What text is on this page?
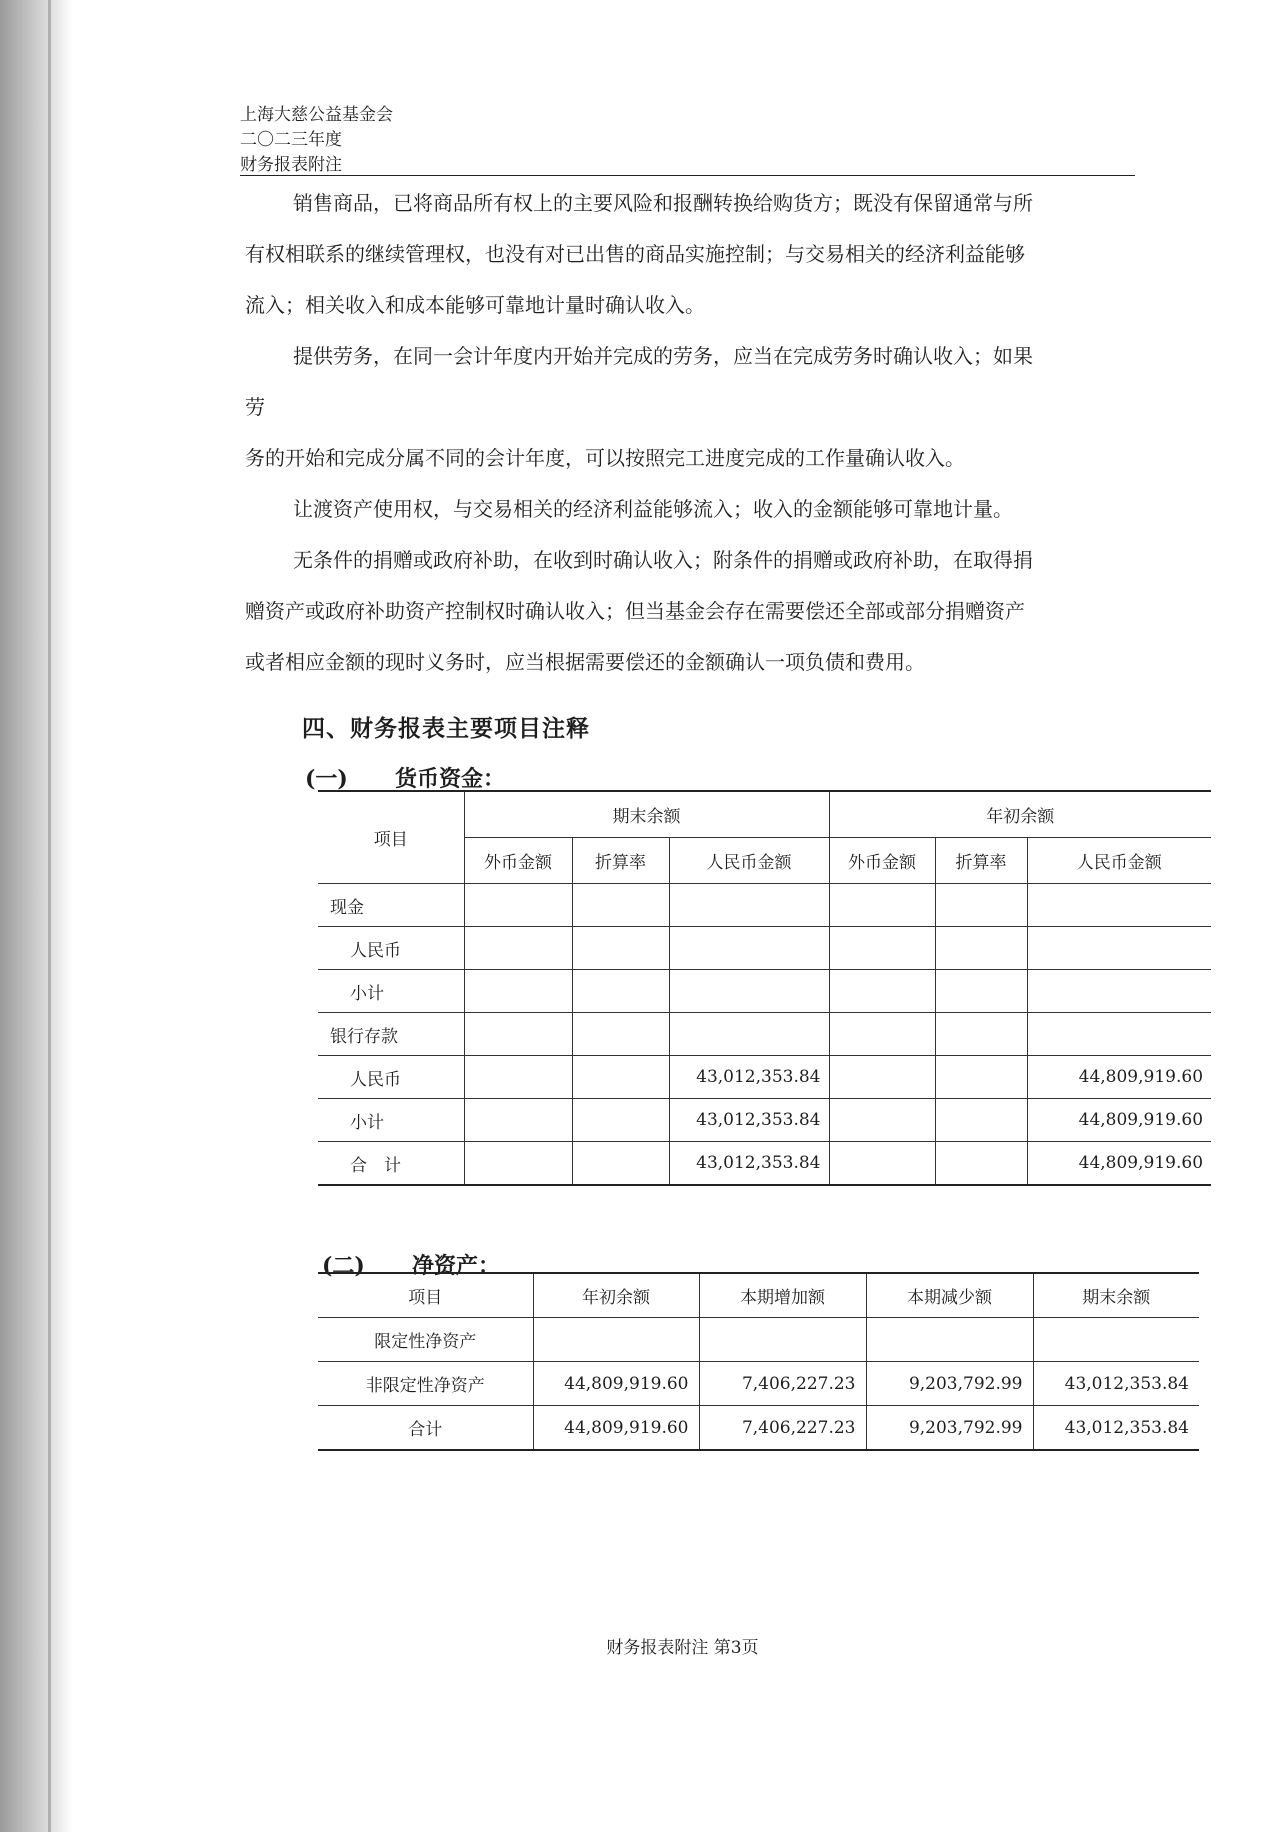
上海大慈公益基金会
二〇二三年度
财务报表附注
销售商品，已将商品所有权上的主要风险和报酬转换给购货方；既没有保留通常与所
有权相联系的继续管理权，也没有对已出售的商品实施控制；与交易相关的经济利益能够
流入；相关收入和成本能够可靠地计量时确认收入。
提供劳务，在同一会计年度内开始并完成的劳务，应当在完成劳务时确认收入；如果
劳
务的开始和完成分属不同的会计年度，可以按照完工进度完成的工作量确认收入。
让渡资产使用权，与交易相关的经济利益能够流入；收入的金额能够可靠地计量。
无条件的捐赠或政府补助，在收到时确认收入；附条件的捐赠或政府补助，在取得捐
赠资产或政府补助资产控制权时确认收入；但当基金会存在需要偿还全部或部分捐赠资产
或者相应金额的现时义务时，应当根据需要偿还的金额确认一项负债和费用。
四、财务报表主要项目注释
(一) 货币资金：
项目	期末余额			年初余额		
	外币金额	折算率	人民币金额	外币金额	折算率	人民币金额
现金						
人民币						
小计						
银行存款						
人民币			43,012,353.84			44,809,919.60
小计			43,012,353.84			44,809,919.60
合　计			43,012,353.84			44,809,919.60
(二) 净资产：
项目	年初余额	本期增加额	本期减少额	期末余额
限定性净资产				
非限定性净资产	44,809,919.60	7,406,227.23	9,203,792.99	43,012,353.84
合计	44,809,919.60	7,406,227.23	9,203,792.99	43,012,353.84
财务报表附注 第3页
